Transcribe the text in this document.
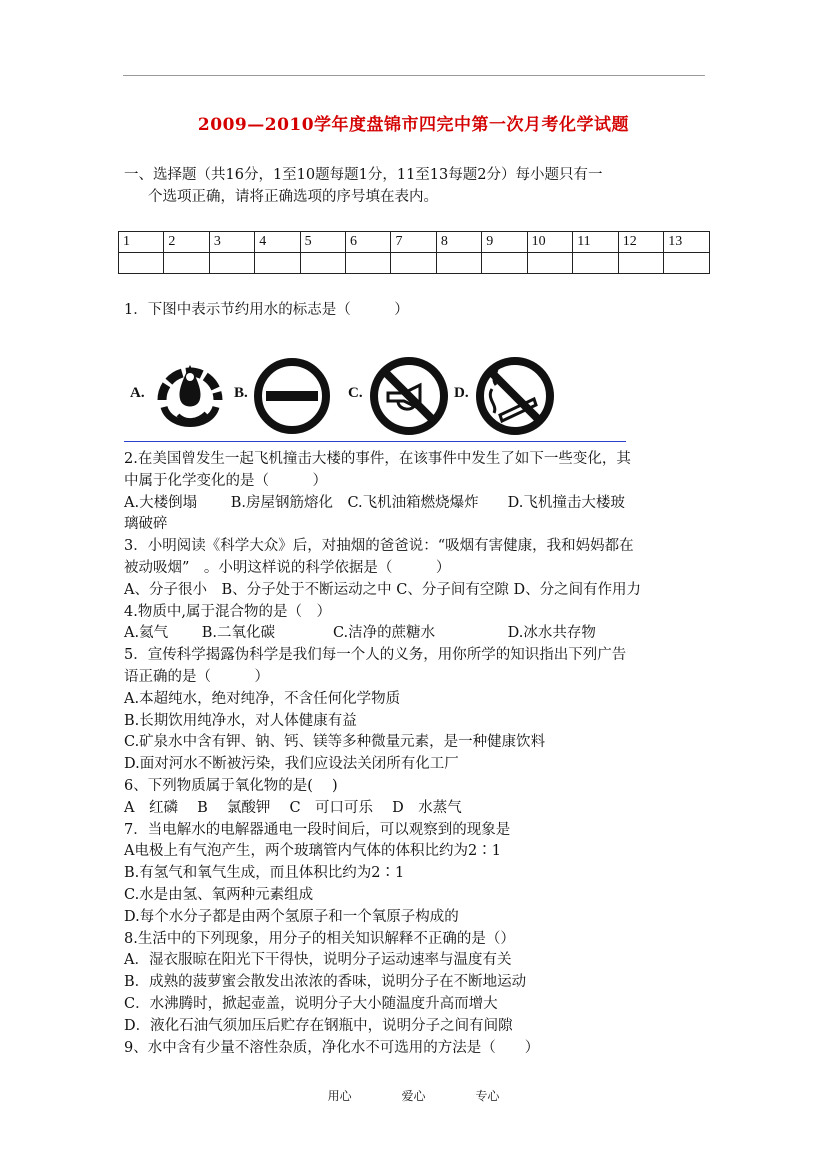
2009—2010学年度盘锦市四完中第一次月考化学试题
一、选择题（共16分，1至10题每题1分，11至13每题2分）每小题只有一
个选项正确，请将正确选项的序号填在表内。
1	2	3	4	5	6	7	8	9	10	11	12	13

1．下图中表示节约用水的标志是（　　　）
A.	B.	C.	D.
2.在美国曾发生一起飞机撞击大楼的事件，在该事件中发生了如下一些变化，其
中属于化学变化的是（　　　）
A.大楼倒塌　　 B.房屋钢筋熔化　C.飞机油箱燃烧爆炸　　D.飞机撞击大楼玻
璃破碎
3．小明阅读《科学大众》后，对抽烟的爸爸说：“吸烟有害健康，我和妈妈都在
被动吸烟”　。小明这样说的科学依据是（　　　）
A、分子很小　B、分子处于不断运动之中 C、分子间有空隙 D、分之间有作用力
4.物质中,属于混合物的是（　）
A.氦气　　 B.二氧化碳　　　　C.洁净的蔗糖水　　　　　D.冰水共存物
5．宣传科学揭露伪科学是我们每一个人的义务，用你所学的知识指出下列广告
语正确的是（　　　）
A.本超纯水，绝对纯净，不含任何化学物质
B.长期饮用纯净水，对人体健康有益
C.矿泉水中含有钾、钠、钙、镁等多种微量元素，是一种健康饮料
D.面对河水不断被污染，我们应设法关闭所有化工厂
6、下列物质属于氧化物的是(　 )
A　红磷　 B　 氯酸钾　 C　可口可乐　 D　水蒸气
7．当电解水的电解器通电一段时间后，可以观察到的现象是
A电极上有气泡产生，两个玻璃管内气体的体积比约为2∶1
B.有氢气和氧气生成，而且体积比约为2∶1
C.水是由氢、氧两种元素组成
D.每个水分子都是由两个氢原子和一个氧原子构成的
8.生活中的下列现象，用分子的相关知识解释不正确的是（）
A．湿衣服晾在阳光下干得快，说明分子运动速率与温度有关
B．成熟的菠萝蜜会散发出浓浓的香味，说明分子在不断地运动
C．水沸腾时，掀起壶盖，说明分子大小随温度升高而增大
D．液化石油气须加压后贮存在钢瓶中，说明分子之间有间隙
9、水中含有少量不溶性杂质，净化水不可选用的方法是（　　）
用心	爱心	专心
